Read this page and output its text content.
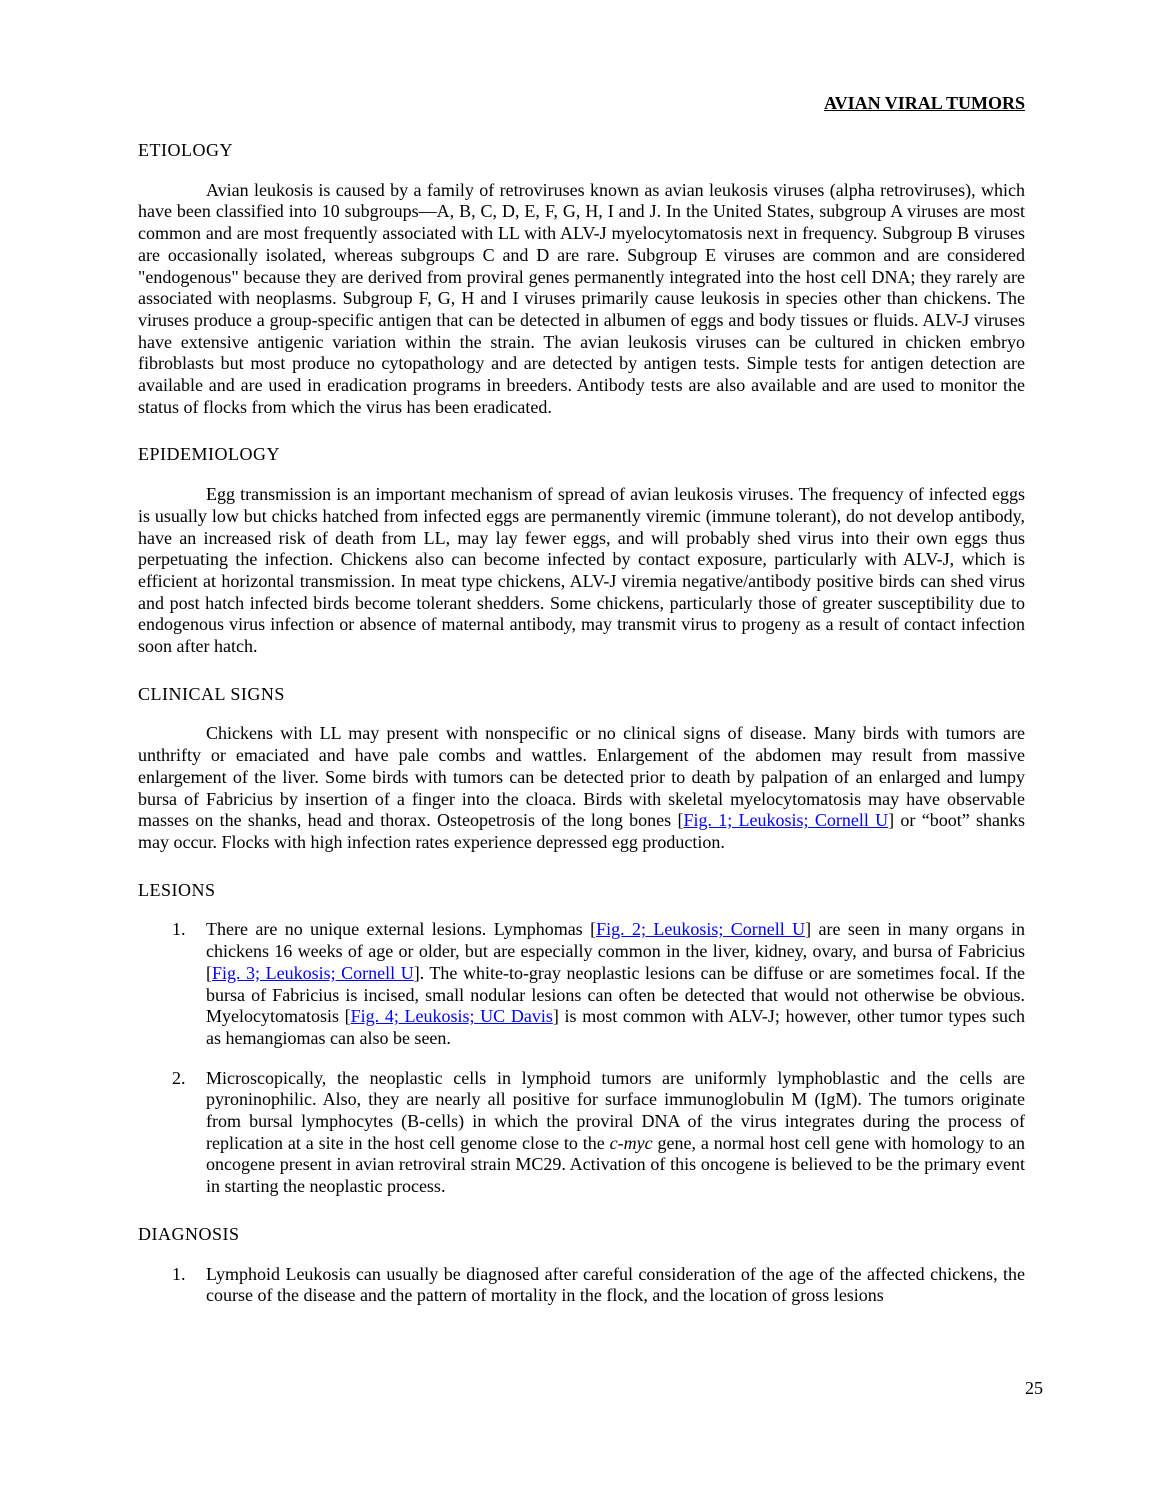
AVIAN VIRAL TUMORS
ETIOLOGY

Avian leukosis is caused by a family of retroviruses known as avian leukosis viruses (alpha retroviruses), which have been classified into 10 subgroups—A, B, C, D, E, F, G, H, I and J. In the United States, subgroup A viruses are most common and are most frequently associated with LL with ALV-J myelocytomatosis next in frequency. Subgroup B viruses are occasionally isolated, whereas subgroups C and D are rare. Subgroup E viruses are common and are considered "endogenous" because they are derived from proviral genes permanently integrated into the host cell DNA; they rarely are associated with neoplasms. Subgroup F, G, H and I viruses primarily cause leukosis in species other than chickens. The viruses produce a group-specific antigen that can be detected in albumen of eggs and body tissues or fluids. ALV-J viruses have extensive antigenic variation within the strain. The avian leukosis viruses can be cultured in chicken embryo fibroblasts but most produce no cytopathology and are detected by antigen tests. Simple tests for antigen detection are available and are used in eradication programs in breeders. Antibody tests are also available and are used to monitor the status of flocks from which the virus has been eradicated.

EPIDEMIOLOGY

Egg transmission is an important mechanism of spread of avian leukosis viruses. The frequency of infected eggs is usually low but chicks hatched from infected eggs are permanently viremic (immune tolerant), do not develop antibody, have an increased risk of death from LL, may lay fewer eggs, and will probably shed virus into their own eggs thus perpetuating the infection. Chickens also can become infected by contact exposure, particularly with ALV-J, which is efficient at horizontal transmission. In meat type chickens, ALV-J viremia negative/antibody positive birds can shed virus and post hatch infected birds become tolerant shedders. Some chickens, particularly those of greater susceptibility due to endogenous virus infection or absence of maternal antibody, may transmit virus to progeny as a result of contact infection soon after hatch.

CLINICAL SIGNS

Chickens with LL may present with nonspecific or no clinical signs of disease. Many birds with tumors are unthrifty or emaciated and have pale combs and wattles. Enlargement of the abdomen may result from massive enlargement of the liver. Some birds with tumors can be detected prior to death by palpation of an enlarged and lumpy bursa of Fabricius by insertion of a finger into the cloaca. Birds with skeletal myelocytomatosis may have observable masses on the shanks, head and thorax. Osteopetrosis of the long bones [Fig. 1; Leukosis; Cornell U] or “boot” shanks may occur. Flocks with high infection rates experience depressed egg production.

LESIONS
1. There are no unique external lesions. Lymphomas [Fig. 2; Leukosis; Cornell U] are seen in many organs in chickens 16 weeks of age or older, but are especially common in the liver, kidney, ovary, and bursa of Fabricius [Fig. 3; Leukosis; Cornell U]. The white-to-gray neoplastic lesions can be diffuse or are sometimes focal. If the bursa of Fabricius is incised, small nodular lesions can often be detected that would not otherwise be obvious. Myelocytomatosis [Fig. 4; Leukosis; UC Davis] is most common with ALV-J; however, other tumor types such as hemangiomas can also be seen.
2. Microscopically, the neoplastic cells in lymphoid tumors are uniformly lymphoblastic and the cells are pyroninophilic. Also, they are nearly all positive for surface immunoglobulin M (IgM). The tumors originate from bursal lymphocytes (B-cells) in which the proviral DNA of the virus integrates during the process of replication at a site in the host cell genome close to the c-myc gene, a normal host cell gene with homology to an oncogene present in avian retroviral strain MC29. Activation of this oncogene is believed to be the primary event in starting the neoplastic process.
DIAGNOSIS
1. Lymphoid Leukosis can usually be diagnosed after careful consideration of the age of the affected chickens, the course of the disease and the pattern of mortality in the flock, and the location of gross lesions
25
